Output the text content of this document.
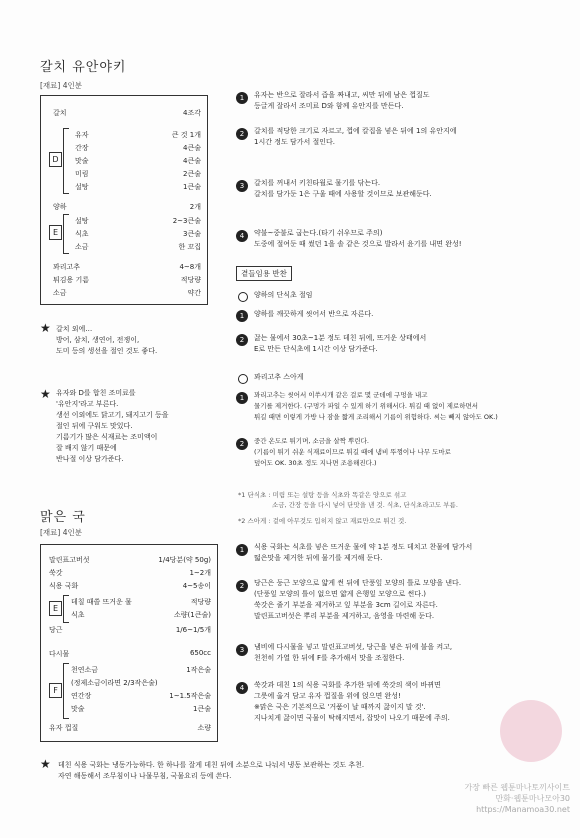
갈치 유안야키
[재료] 4인분
갈치	4조각
D
유자	큰 것 1개
간장	4큰술
맛술	4큰술
미림	2큰술
설탕	1큰술
양하	2개
E
설탕	2~3큰술
식초	3큰술
소금	한 꼬집
꽈리고추	4~8개
튀김용 기름	적당량
소금	약간
★ 갈치 외에…
방어, 삼치, 생연어, 전쟁이,
도미 등의 생선을 절인 것도 좋다.
★ 유자와 D를 합친 조미료를
'유안지'라고 부른다.
생선 이외에도 닭고기, 돼지고기 등을
절인 뒤에 구워도 맛있다.
기름기가 많은 식재료는 조미액이
잘 배지 않기 때문에
반나절 이상 담가준다.
1	유자는 반으로 잘라서 즙을 짜내고, 씨만 뒤에 남은 껍질도
등글게 잘라서 조미료 D와 함께 유안지를 만든다.
2	갈치를 적당한 크기로 자르고, 껍에 칼집을 넣은 뒤에 1의 유안지에
1시간 정도 담가서 절인다.
3	갈치를 꺼내서 키친타월로 물기를 닦는다.
갈치를 담가둔 1은 구울 때에 사용할 것이므로 보관해둔다.
4	약불~중불로 굽는다.(타기 쉬우므로 주의)
도중에 절여둔 때 썼던 1을 솔 같은 것으로 발라서 윤기를 내면 완성!
곁들임용 반찬
양하의 단식초 절임
1	양하를 깨끗하게 씻어서 반으로 자른다.
2	끓는 물에서 30초~1분 정도 데친 뒤에, 뜨거운 상태에서
E로 만든 단식초에 1시간 이상 담가준다.
꽈리고추 스아게
1	꽈리고추는 씻어서 이쑤시개 같은 걸로 몇 군데에 구멍을 내고
물기를 제거한다. (구멍가 파일 수 있게 하기 위해서다. 튀길 때 없이 제로하면서
튀길 때면 이렇게 가방 나 잠을 짧게 조리해서 기름이 위험하다. 씨는 빼지 않아도 OK.)
2	중간 온도로 튀기며, 소금을 살짝 뿌린다.
(기름이 튀기 쉬운 식재료이므로 튀길 때에 냄비 뚜껑이나 나무 도마로
덮어도 OK. 30초 정도 지나면 조용해진다.)
*1 단식초 : 미림 또는 설탕 등을 식초와 똑같은 양으로 섞고
소금, 간장 등을 다시 넣어 단맛을 낸 것. 식초, 단식초라고도 부름.
*2 스아게 : 겉에 아무것도 입히지 않고 재료만으로 튀긴 것.
맑은 국
[재료] 4인분
말린표고버섯	1/4당분(약 50g)
쑥갓	1~2개
식용 국화	4~5송이
E
데칠 때쓸 뜨거운 물	적당량
식초	소량(1큰술)
당근	1/6~1/5개
다시물	650cc
F
천연소금	1작은술
(정제소금이라면 2/3작은술)
연간장	1~1.5작은술
맛술	1큰술
유자 껍질	소량
1	식용 국화는 식초를 넣은 뜨거운 물에 약 1분 정도 데치고 찬물에 담가서
떫은맛을 제거한 뒤에 물기를 제거해 둔다.
2	당근은 둥근 모양으로 얇게 썬 뒤에 단풍잎 모양의 틀로 모양을 낸다.
(단풍잎 모양의 틀이 없으면 얇게 은행잎 모양으로 썬다.)
쑥갓은 줄기 부분을 제거하고 잎 부분을 3cm 길이로 자른다.
말린표고버섯은 뿌리 부분을 제거하고, 음영을 마련해 둔다.
3	냄비에 다시물을 넣고 말린표고버섯, 당근을 넣은 뒤에 불을 켜고,
천천히 가열 한 뒤에 F를 추가해서 맛을 조절한다.
4	쑥갓과 데친 1의 식용 국화를 추가한 뒤에 쑥갓의 색이 바뀌면
그릇에 옮겨 담고 유자 껍질을 위에 얹으면 완성!
※맑은 국은 기본적으로 '거품이 날 때까지 끓이지 말 것'.
지나치게 끓이면 국물이 탁해지면서, 잡맛이 나오기 때문에 주의.
★ 데친 식용 국화는 냉동가능하다. 한 하나를 잘게 데친 뒤에 소분으로 나눠서 냉동 보관하는 것도 추천.
자연 해동해서 조무침이나 나물무침, 국물요리 등에 쓴다.
가장 빠른 웹툰마나토끼사이트
만화·웹툰마나모아30
https://Manamoa30.net
